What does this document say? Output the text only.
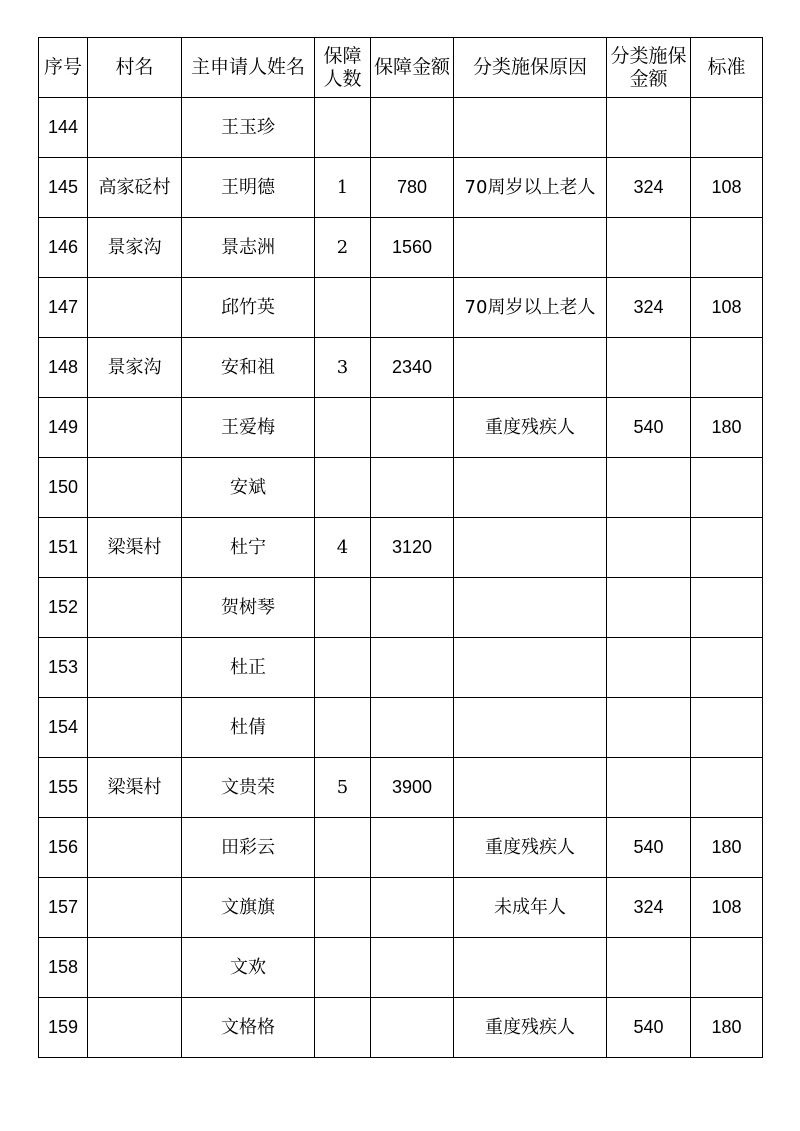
序号	村名	主申请人姓名	保障人数	保障金额	分类施保原因	分类施保金额	标准
144		王玉珍					
145	高家砭村	王明德	1	780	70周岁以上老人	324	108
146	景家沟	景志洲	2	1560			
147		邱竹英			70周岁以上老人	324	108
148	景家沟	安和祖	3	2340			
149		王爱梅			重度残疾人	540	180
150		安斌					
151	梁渠村	杜宁	4	3120			
152		贺树琴					
153		杜正					
154		杜倩					
155	梁渠村	文贵荣	5	3900			
156		田彩云			重度残疾人	540	180
157		文旗旗			未成年人	324	108
158		文欢					
159		文格格			重度残疾人	540	180
